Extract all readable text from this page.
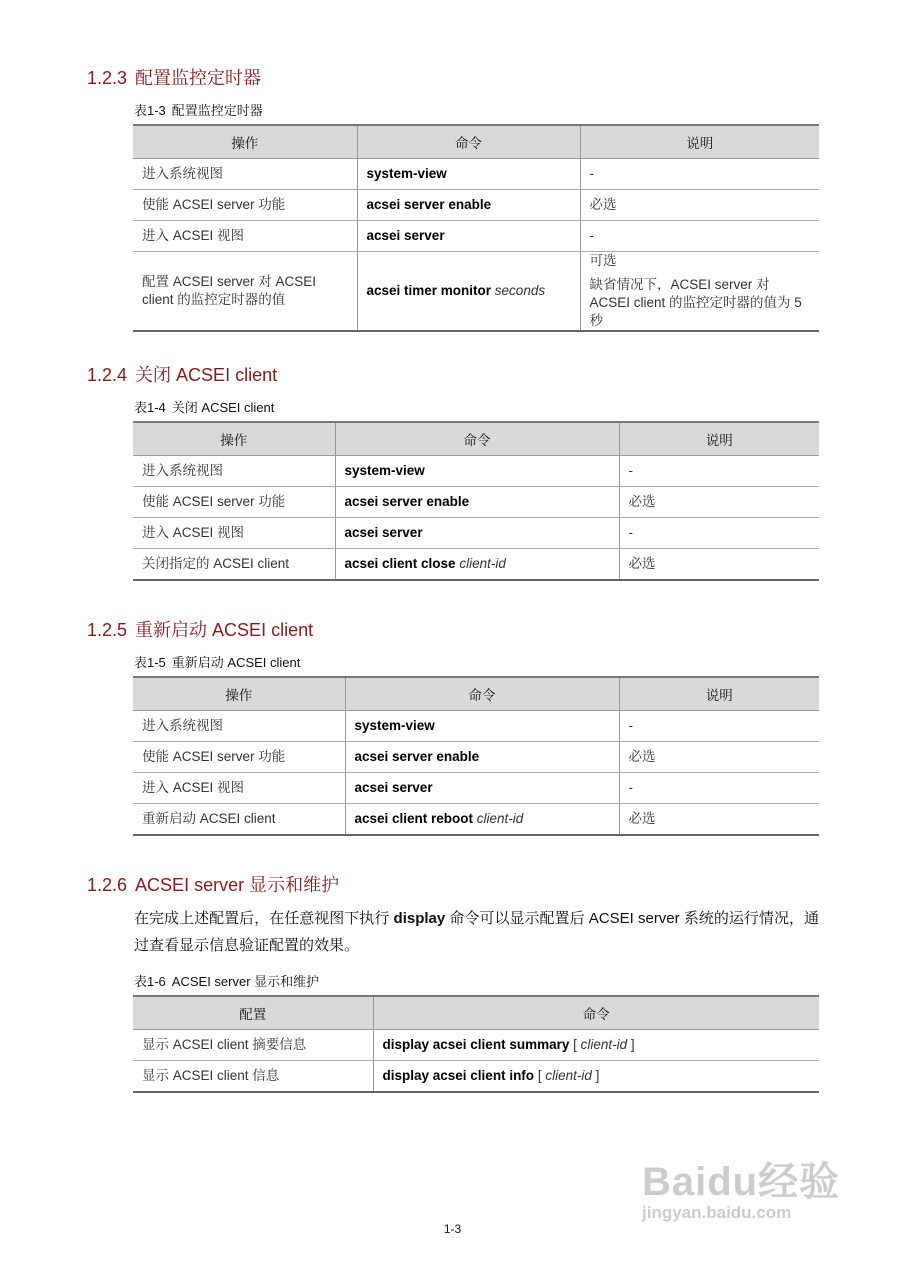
在完成上述配置后，在任意视图下执行 display 命令可以显示配置后 ACSEI server 系统的运行情况，通过查看显示信息验证配置的效果。
1-3
Baidu经验
jingyan.baidu.com
1.2.3 配置监控定时器
表1-3 配置监控定时器
操作	命令	说明
进入系统视图	system-view	-
使能 ACSEI server 功能	acsei server enable	必选
进入 ACSEI 视图	acsei server	-
配置 ACSEI server 对 ACSEI client 的监控定时器的值	acsei timer monitor seconds	可选
缺省情况下，ACSEI server 对 ACSEI client 的监控定时器的值为 5 秒
1.2.4 关闭 ACSEI client
表1-4 关闭 ACSEI client
操作	命令	说明
进入系统视图	system-view	-
使能 ACSEI server 功能	acsei server enable	必选
进入 ACSEI 视图	acsei server	-
关闭指定的 ACSEI client	acsei client close client-id	必选
1.2.5 重新启动 ACSEI client
表1-5 重新启动 ACSEI client
操作	命令	说明
进入系统视图	system-view	-
使能 ACSEI server 功能	acsei server enable	必选
进入 ACSEI 视图	acsei server	-
重新启动 ACSEI client	acsei client reboot client-id	必选
1.2.6 ACSEI server 显示和维护
表1-6 ACSEI server 显示和维护
配置	命令
显示 ACSEI client 摘要信息	display acsei client summary [ client-id ]
显示 ACSEI client 信息	display acsei client info [ client-id ]
